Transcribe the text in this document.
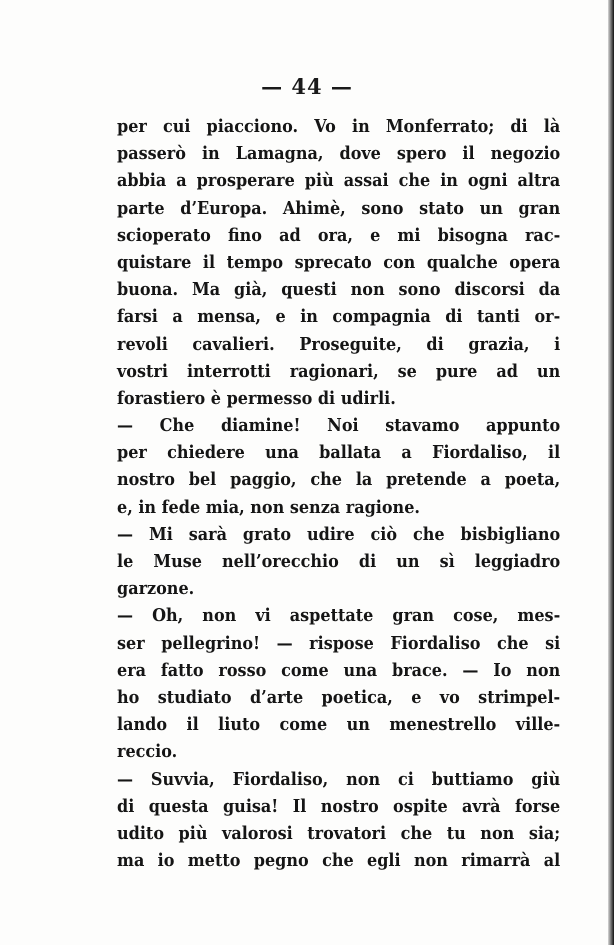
— 44 —
per cui piacciono. Vo in Monferrato; di là
passerò in Lamagna, dove spero il negozio
abbia a prosperare più assai che in ogni altra
parte d’Europa. Ahimè, sono stato un gran
scioperato fino ad ora, e mi bisogna rac-
quistare il tempo sprecato con qualche opera
buona. Ma già, questi non sono discorsi da
farsi a mensa, e in compagnia di tanti or-
revoli cavalieri. Proseguite, di grazia, i
vostri interrotti ragionari, se pure ad un
forastiero è permesso di udirli.
— Che diamine! Noi stavamo appunto
per chiedere una ballata a Fiordaliso, il
nostro bel paggio, che la pretende a poeta,
e, in fede mia, non senza ragione.
— Mi sarà grato udire ciò che bisbigliano
le Muse nell’orecchio di un sì leggiadro
garzone.
— Oh, non vi aspettate gran cose, mes-
ser pellegrino! — rispose Fiordaliso che si
era fatto rosso come una brace. — Io non
ho studiato d’arte poetica, e vo strimpel-
lando il liuto come un menestrello ville-
reccio.
— Suvvia, Fiordaliso, non ci buttiamo giù
di questa guisa! Il nostro ospite avrà forse
udito più valorosi trovatori che tu non sia;
ma io metto pegno che egli non rimarrà al
